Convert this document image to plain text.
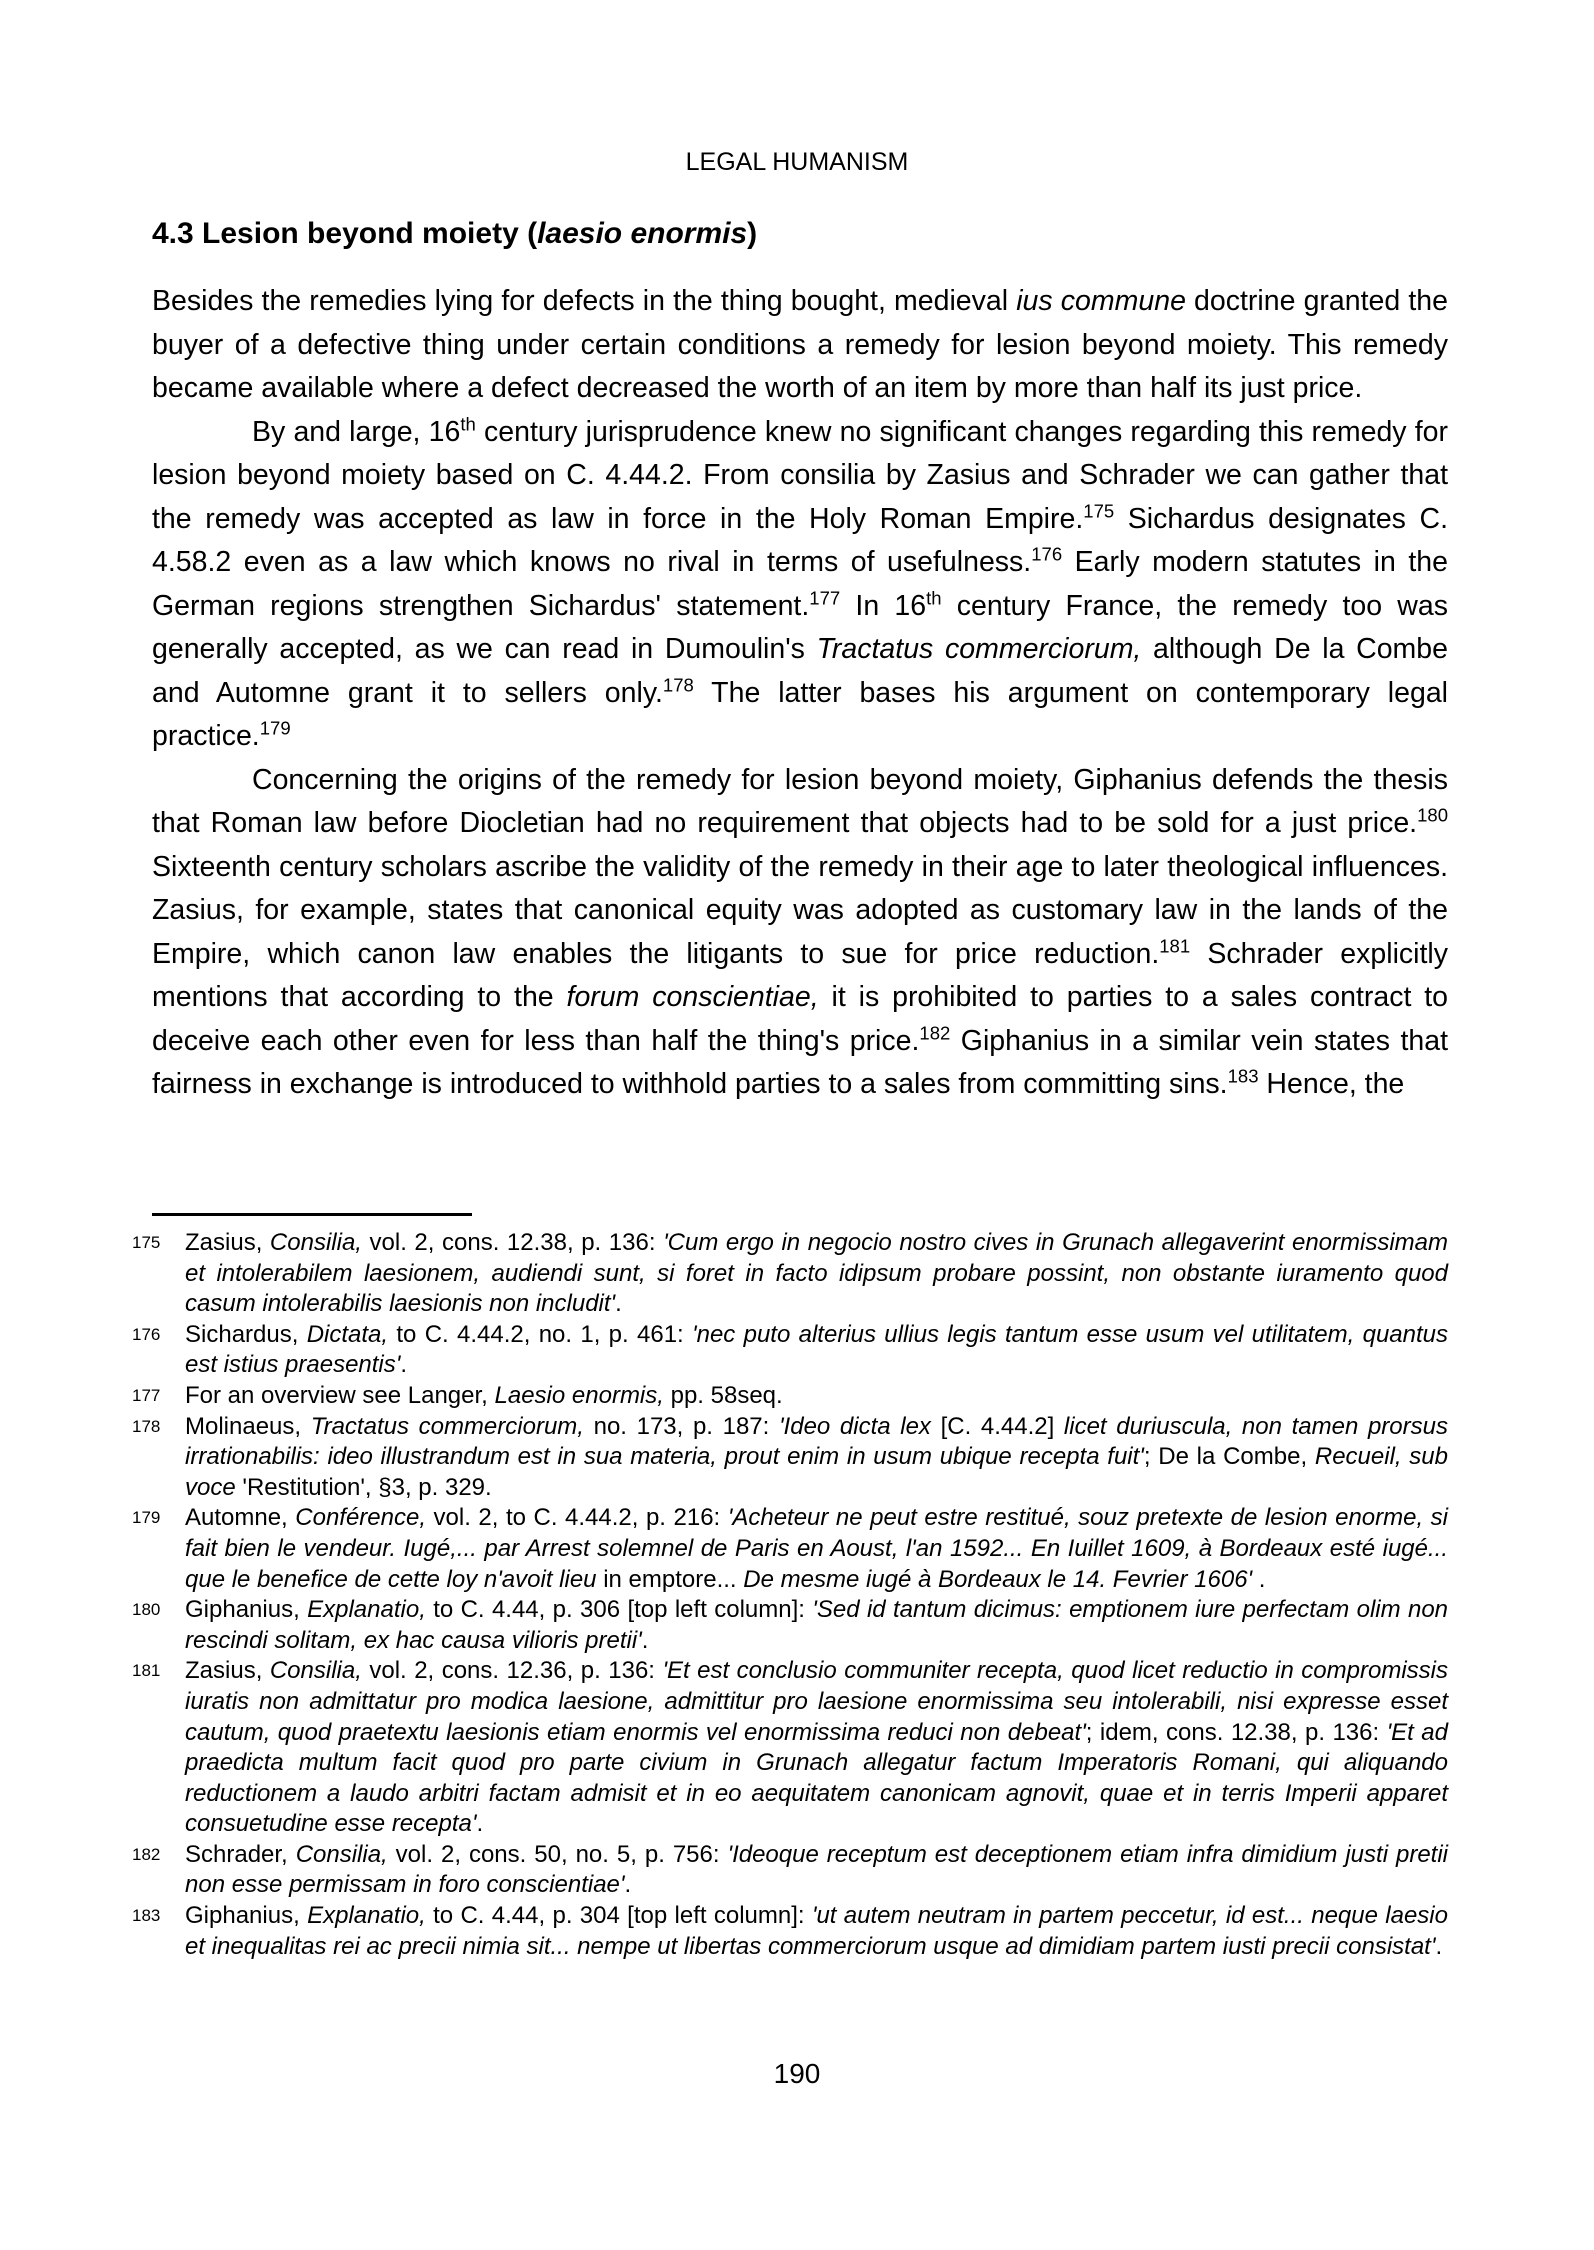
LEGAL HUMANISM
4.3 Lesion beyond moiety (laesio enormis)

Besides the remedies lying for defects in the thing bought, medieval ius commune doctrine granted the buyer of a defective thing under certain conditions a remedy for lesion beyond moiety. This remedy became available where a defect decreased the worth of an item by more than half its just price.

By and large, 16th century jurisprudence knew no significant changes regarding this remedy for lesion beyond moiety based on C. 4.44.2. From consilia by Zasius and Schrader we can gather that the remedy was accepted as law in force in the Holy Roman Empire.$^{175}$ Sichardus designates C. 4.58.2 even as a law which knows no rival in terms of usefulness.$^{176}$ Early modern statutes in the German regions strengthen Sichardus' statement.$^{177}$ In 16th century France, the remedy too was generally accepted, as we can read in Dumoulin's Tractatus commerciorum, although De la Combe and Automne grant it to sellers only.$^{178}$ The latter bases his argument on contemporary legal practice.$^{179}$

Concerning the origins of the remedy for lesion beyond moiety, Giphanius defends the thesis that Roman law before Diocletian had no requirement that objects had to be sold for a just price.$^{180}$ Sixteenth century scholars ascribe the validity of the remedy in their age to later theological influences. Zasius, for example, states that canonical equity was adopted as customary law in the lands of the Empire, which canon law enables the litigants to sue for price reduction.$^{181}$ Schrader explicitly mentions that according to the forum conscientiae, it is prohibited to parties to a sales contract to deceive each other even for less than half the thing's price.$^{182}$ Giphanius in a similar vein states that fairness in exchange is introduced to withhold parties to a sales from committing sins.$^{183}$ Hence, the

175 Zasius, Consilia, vol. 2, cons. 12.38, p. 136: 'Cum ergo in negocio nostro cives in Grunach allegaverint enormissimam et intolerabilem laesionem, audiendi sunt, si foret in facto idipsum probare possint, non obstante iuramento quod casum intolerabilis laesionis non includit'.
176 Sichardus, Dictata, to C. 4.44.2, no. 1, p. 461: 'nec puto alterius ullius legis tantum esse usum vel utilitatem, quantus est istius praesentis'.
177 For an overview see Langer, Laesio enormis, pp. 58seq.
178 Molinaeus, Tractatus commerciorum, no. 173, p. 187: 'Ideo dicta lex [C. 4.44.2] licet duriuscula, non tamen prorsus irrationabilis: ideo illustrandum est in sua materia, prout enim in usum ubique recepta fuit'; De la Combe, Recueil, sub voce 'Restitution', §3, p. 329.
179 Automne, Conférence, vol. 2, to C. 4.44.2, p. 216: 'Acheteur ne peut estre restitué, souz pretexte de lesion enorme, si fait bien le vendeur. Iugé,... par Arrest solemnel de Paris en Aoust, l'an 1592... En Iuillet 1609, à Bordeaux esté iugé... que le benefice de cette loy n'avoit lieu in emptore... De mesme iugé à Bordeaux le 14. Fevrier 1606' .
180 Giphanius, Explanatio, to C. 4.44, p. 306 [top left column]: 'Sed id tantum dicimus: emptionem iure perfectam olim non rescindi solitam, ex hac causa vilioris pretii'.
181 Zasius, Consilia, vol. 2, cons. 12.36, p. 136: 'Et est conclusio communiter recepta, quod licet reductio in compromissis iuratis non admittatur pro modica laesione, admittitur pro laesione enormissima seu intolerabili, nisi expresse esset cautum, quod praetextu laesionis etiam enormis vel enormissima reduci non debeat'; idem, cons. 12.38, p. 136: 'Et ad praedicta multum facit quod pro parte civium in Grunach allegatur factum Imperatoris Romani, qui aliquando reductionem a laudo arbitri factam admisit et in eo aequitatem canonicam agnovit, quae et in terris Imperii apparet consuetudine esse recepta'.
182 Schrader, Consilia, vol. 2, cons. 50, no. 5, p. 756: 'Ideoque receptum est deceptionem etiam infra dimidium justi pretii non esse permissam in foro conscientiae'.
183 Giphanius, Explanatio, to C. 4.44, p. 304 [top left column]: 'ut autem neutram in partem peccetur, id est... neque laesio et inequalitas rei ac precii nimia sit... nempe ut libertas commerciorum usque ad dimidiam partem iusti precii consistat'.
190
